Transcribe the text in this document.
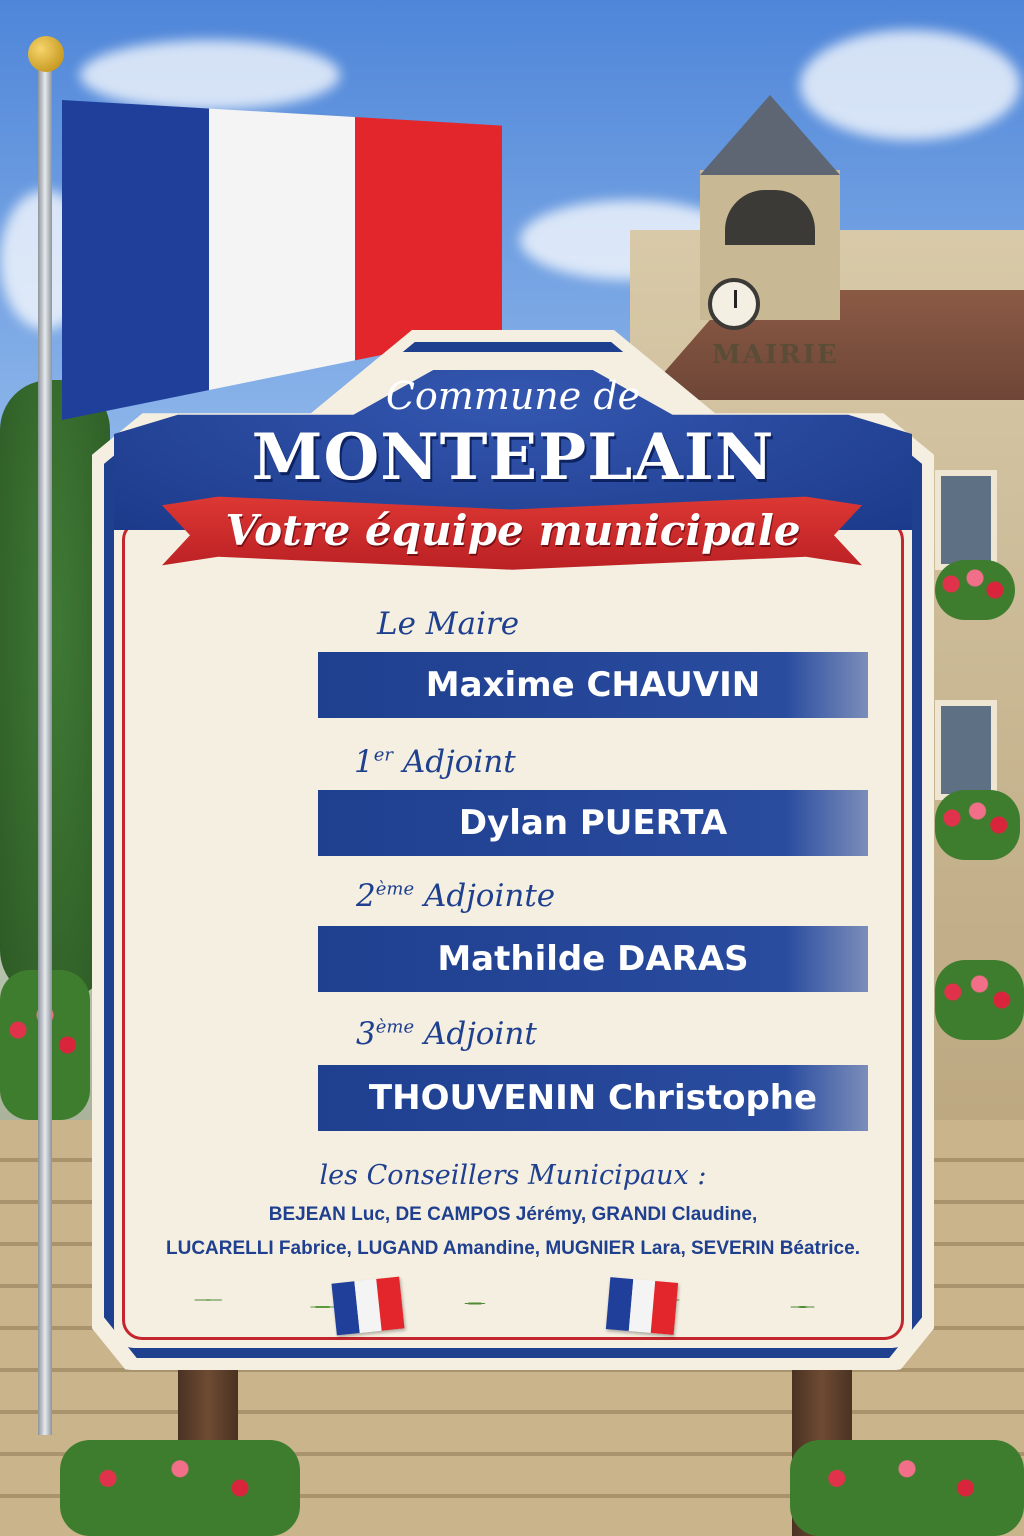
MAIRIE
Commune de
MONTEPLAIN
Votre équipe municipale
Le Maire
Maxime CHAUVIN
1er Adjoint
Dylan PUERTA
2ème Adjointe
Mathilde DARAS
3ème Adjoint
THOUVENIN Christophe
les Conseillers Municipaux :
BEJEAN Luc, DE CAMPOS Jérémy, GRANDI Claudine,
LUCARELLI Fabrice, LUGAND Amandine, MUGNIER Lara, SEVERIN Béatrice.
